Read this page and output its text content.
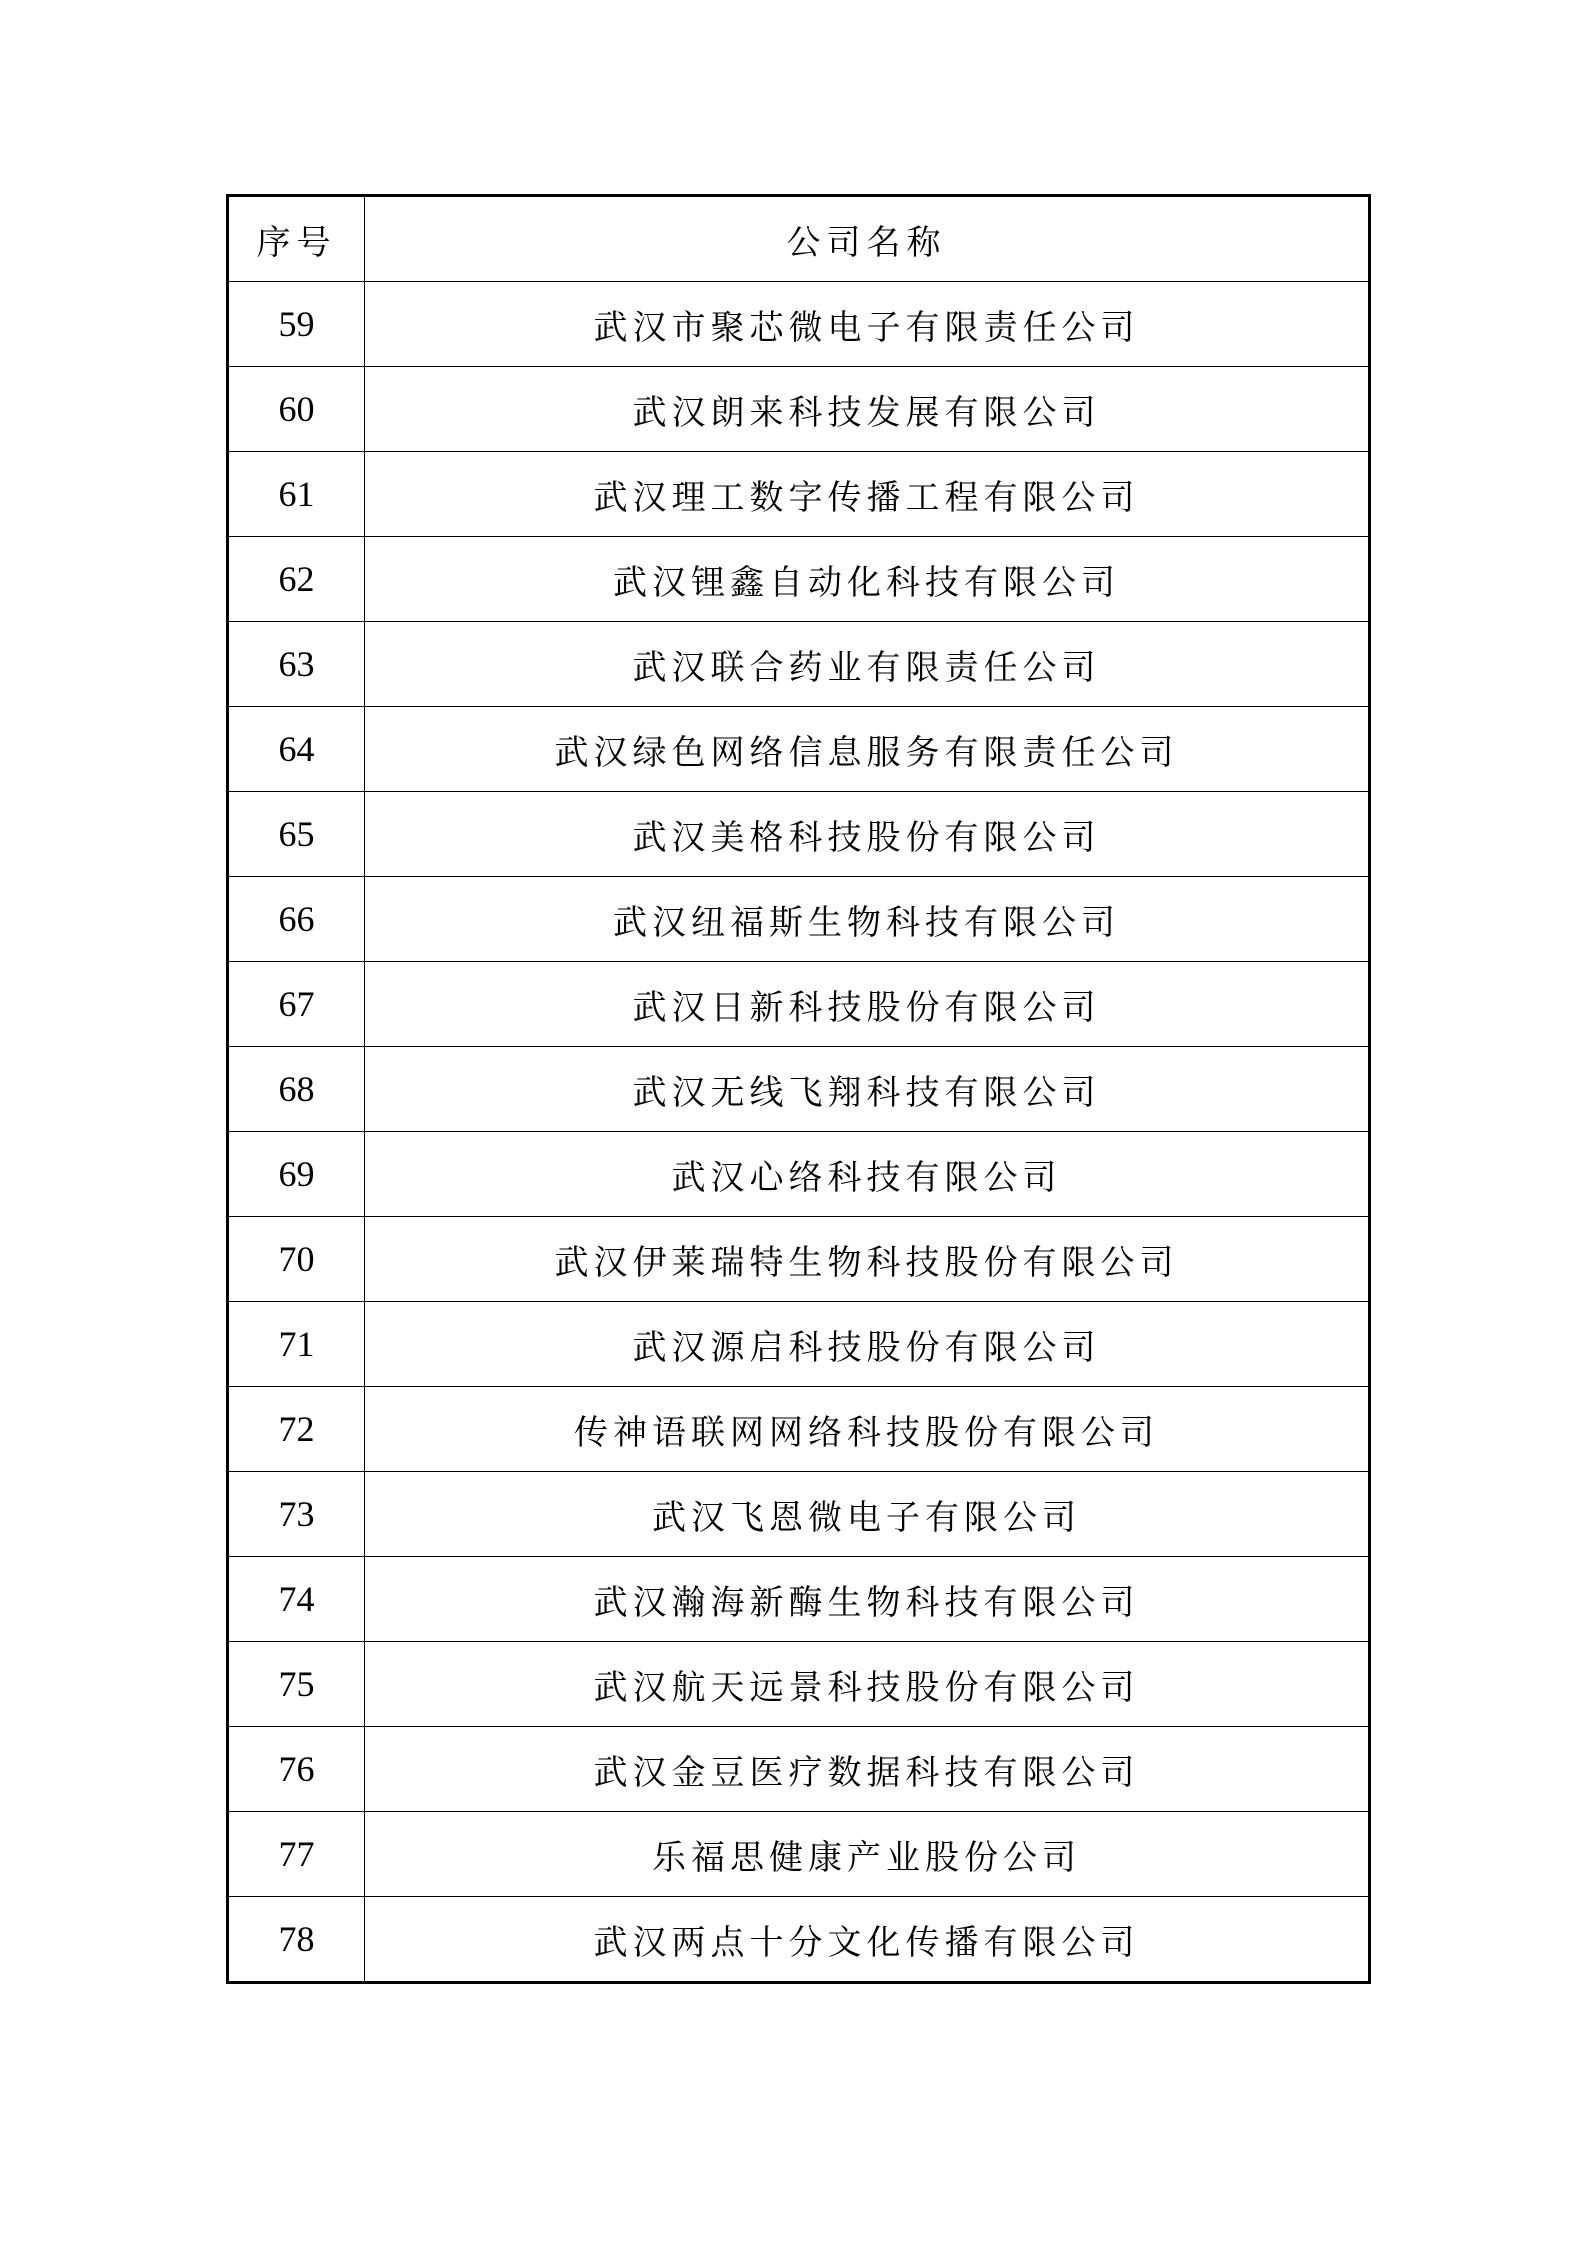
序号	公司名称
59	武汉市聚芯微电子有限责任公司
60	武汉朗来科技发展有限公司
61	武汉理工数字传播工程有限公司
62	武汉锂鑫自动化科技有限公司
63	武汉联合药业有限责任公司
64	武汉绿色网络信息服务有限责任公司
65	武汉美格科技股份有限公司
66	武汉纽福斯生物科技有限公司
67	武汉日新科技股份有限公司
68	武汉无线飞翔科技有限公司
69	武汉心络科技有限公司
70	武汉伊莱瑞特生物科技股份有限公司
71	武汉源启科技股份有限公司
72	传神语联网网络科技股份有限公司
73	武汉飞恩微电子有限公司
74	武汉瀚海新酶生物科技有限公司
75	武汉航天远景科技股份有限公司
76	武汉金豆医疗数据科技有限公司
77	乐福思健康产业股份公司
78	武汉两点十分文化传播有限公司
